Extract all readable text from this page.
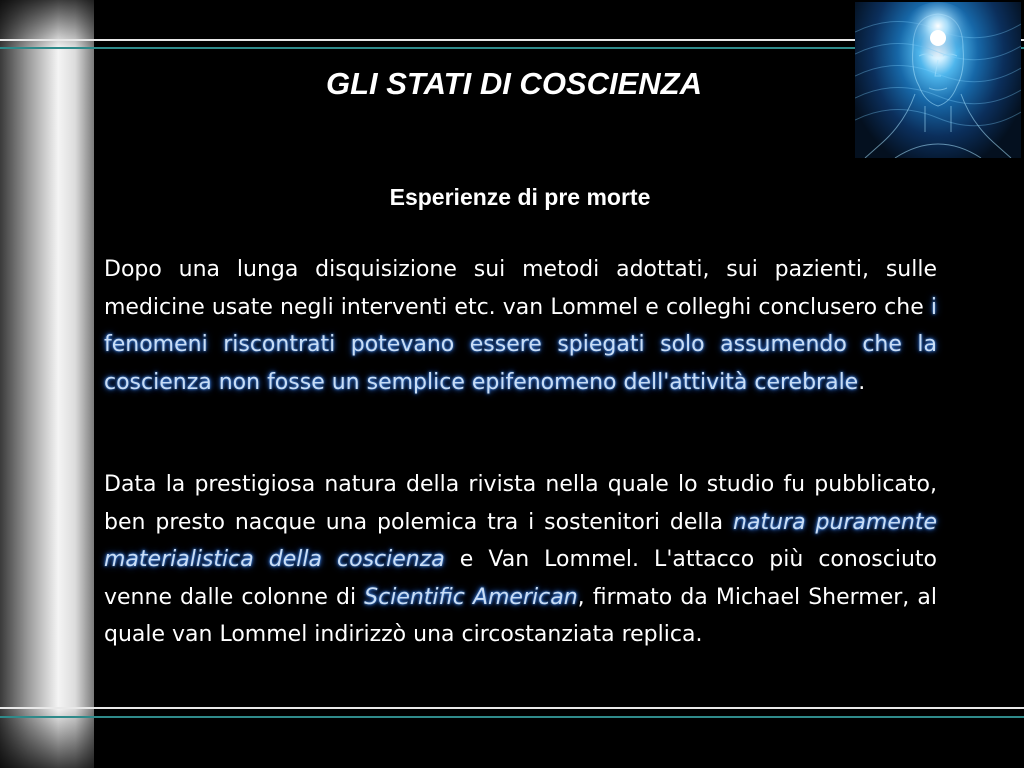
GLI STATI DI COSCIENZA
Esperienze di pre morte

Dopo una lunga disquisizione sui metodi adottati, sui pazienti, sulle medicine usate negli interventi etc. van Lommel e colleghi conclusero che i fenomeni riscontrati potevano essere spiegati solo assumendo che la coscienza non fosse un semplice epifenomeno dell'attività cerebrale.

Data la prestigiosa natura della rivista nella quale lo studio fu pubblicato, ben presto nacque una polemica tra i sostenitori della natura puramente materialistica della coscienza e Van Lommel. L'attacco più conosciuto venne dalle colonne di Scientific American, firmato da Michael Shermer, al quale van Lommel indirizzò una circostanziata replica.
